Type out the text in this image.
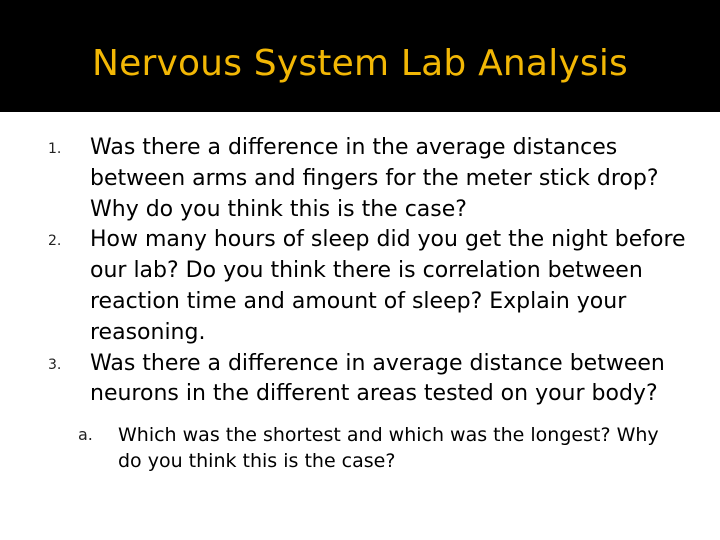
Nervous System Lab Analysis
1. Was there a difference in the average distances between arms and fingers for the meter stick drop? Why do you think this is the case?
2. How many hours of sleep did you get the night before our lab? Do you think there is correlation between reaction time and amount of sleep? Explain your reasoning.
3. Was there a difference in average distance between neurons in the different areas tested on your body?
a. Which was the shortest and which was the longest? Why do you think this is the case?
